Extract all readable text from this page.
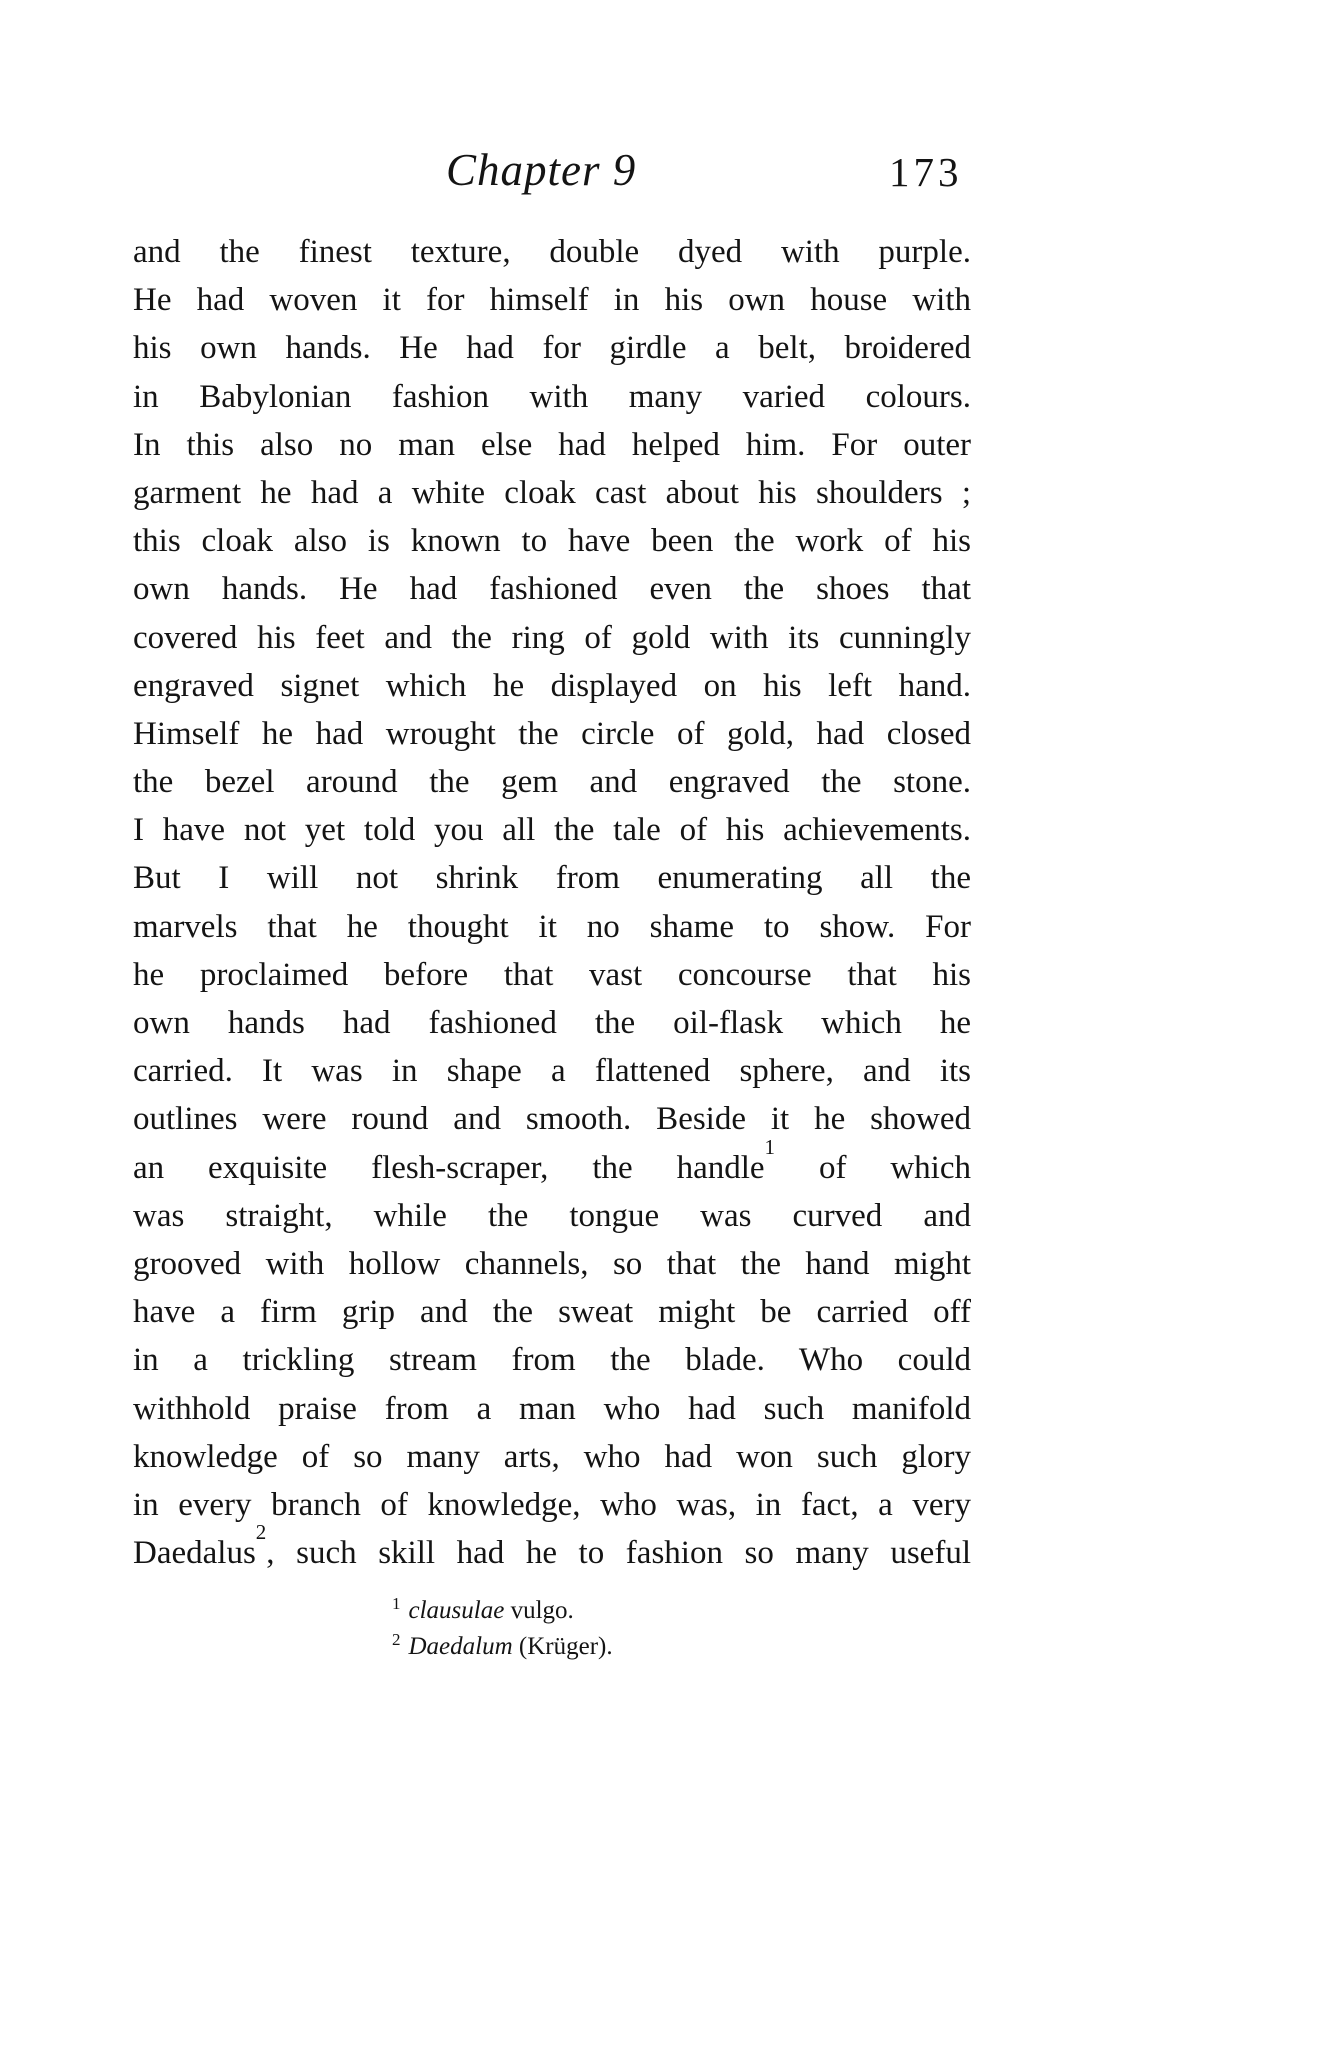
Chapter 9	173
and the finest texture, double dyed with purple.
He had woven it for himself in his own house with
his own hands. He had for girdle a belt, broidered
in Babylonian fashion with many varied colours.
In this also no man else had helped him. For outer
garment he had a white cloak cast about his shoulders ;
this cloak also is known to have been the work of his
own hands. He had fashioned even the shoes that
covered his feet and the ring of gold with its cunningly
engraved signet which he displayed on his left hand.
Himself he had wrought the circle of gold, had closed
the bezel around the gem and engraved the stone.
I have not yet told you all the tale of his achievements.
But I will not shrink from enumerating all the
marvels that he thought it no shame to show. For
he proclaimed before that vast concourse that his
own hands had fashioned the oil-flask which he
carried. It was in shape a flattened sphere, and its
outlines were round and smooth. Beside it he showed
an exquisite flesh-scraper, the handle$^1$ of which
was straight, while the tongue was curved and
grooved with hollow channels, so that the hand might
have a firm grip and the sweat might be carried off
in a trickling stream from the blade. Who could
withhold praise from a man who had such manifold
knowledge of so many arts, who had won such glory
in every branch of knowledge, who was, in fact, a very
Daedalus$^2$, such skill had he to fashion so many useful
$^1$ clausulae vulgo.
$^2$ Daedalum (Krüger).
